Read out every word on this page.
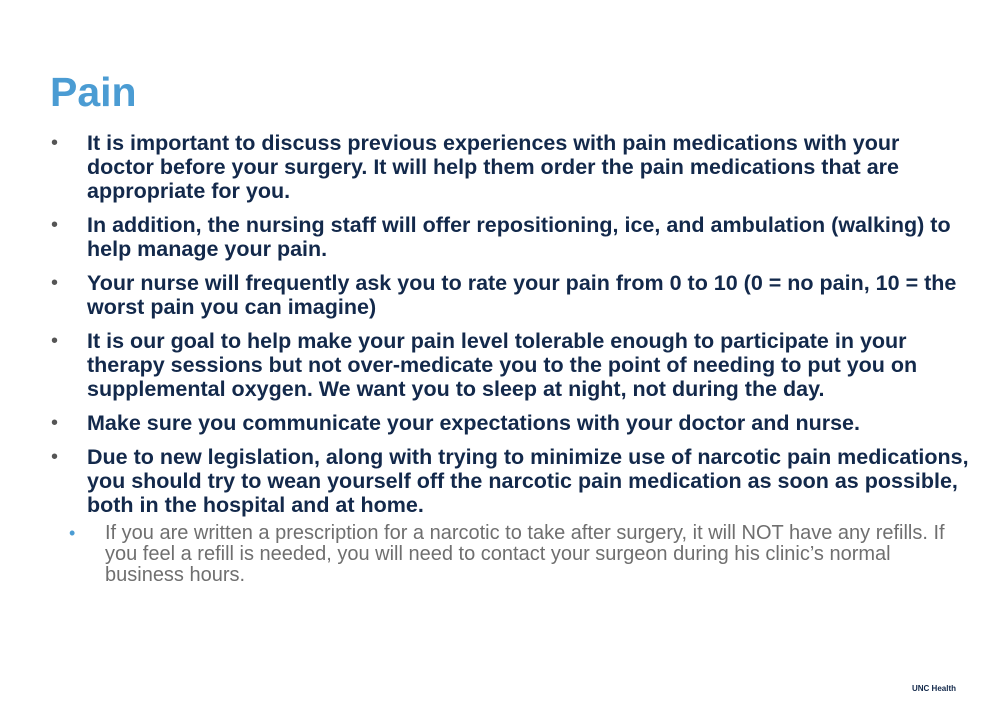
Pain
• It is important to discuss previous experiences with pain medications with your doctor before your surgery. It will help them order the pain medications that are appropriate for you.
• In addition, the nursing staff will offer repositioning, ice, and ambulation (walking) to help manage your pain.
• Your nurse will frequently ask you to rate your pain from 0 to 10 (0 = no pain, 10 = the worst pain you can imagine)
• It is our goal to help make your pain level tolerable enough to participate in your therapy sessions but not over-medicate you to the point of needing to put you on supplemental oxygen. We want you to sleep at night, not during the day.
• Make sure you communicate your expectations with your doctor and nurse.
• Due to new legislation, along with trying to minimize use of narcotic pain medications, you should try to wean yourself off the narcotic pain medication as soon as possible, both in the hospital and at home.
• If you are written a prescription for a narcotic to take after surgery, it will NOT have any refills. If you feel a refill is needed, you will need to contact your surgeon during his clinic’s normal business hours.
UNC Health
